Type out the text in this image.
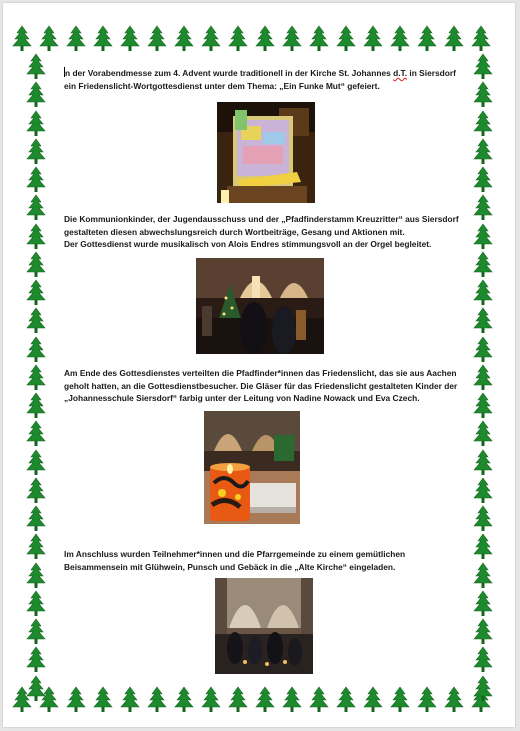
n der Vorabendmesse zum 4. Advent wurde traditionell in der Kirche St. Johannes d.T. in Siersdorf

ein Friedenslicht-Wortgottesdienst unter dem Thema: „Ein Funke Mut“ gefeiert.

Die Kommunionkinder, der Jugendausschuss und der „Pfadfinderstamm Kreuzritter“ aus Siersdorf

gestalteten diesen abwechslungsreich durch Wortbeiträge, Gesang und Aktionen mit.

Der Gottesdienst wurde musikalisch von Alois Endres stimmungsvoll an der Orgel begleitet.

Am Ende des Gottesdienstes verteilten die Pfadfinder*innen das Friedenslicht, das sie aus Aachen

geholt hatten, an die Gottesdienstbesucher. Die Gläser für das Friedenslicht gestalteten Kinder der

„Johannesschule Siersdorf“ farbig unter der Leitung von Nadine Nowack und Eva Czech.

Im Anschluss wurden Teilnehmer*innen und die Pfarrgemeinde zu einem gemütlichen

Beisammensein mit Glühwein, Punsch und Gebäck in die „Alte Kirche“ eingeladen.
